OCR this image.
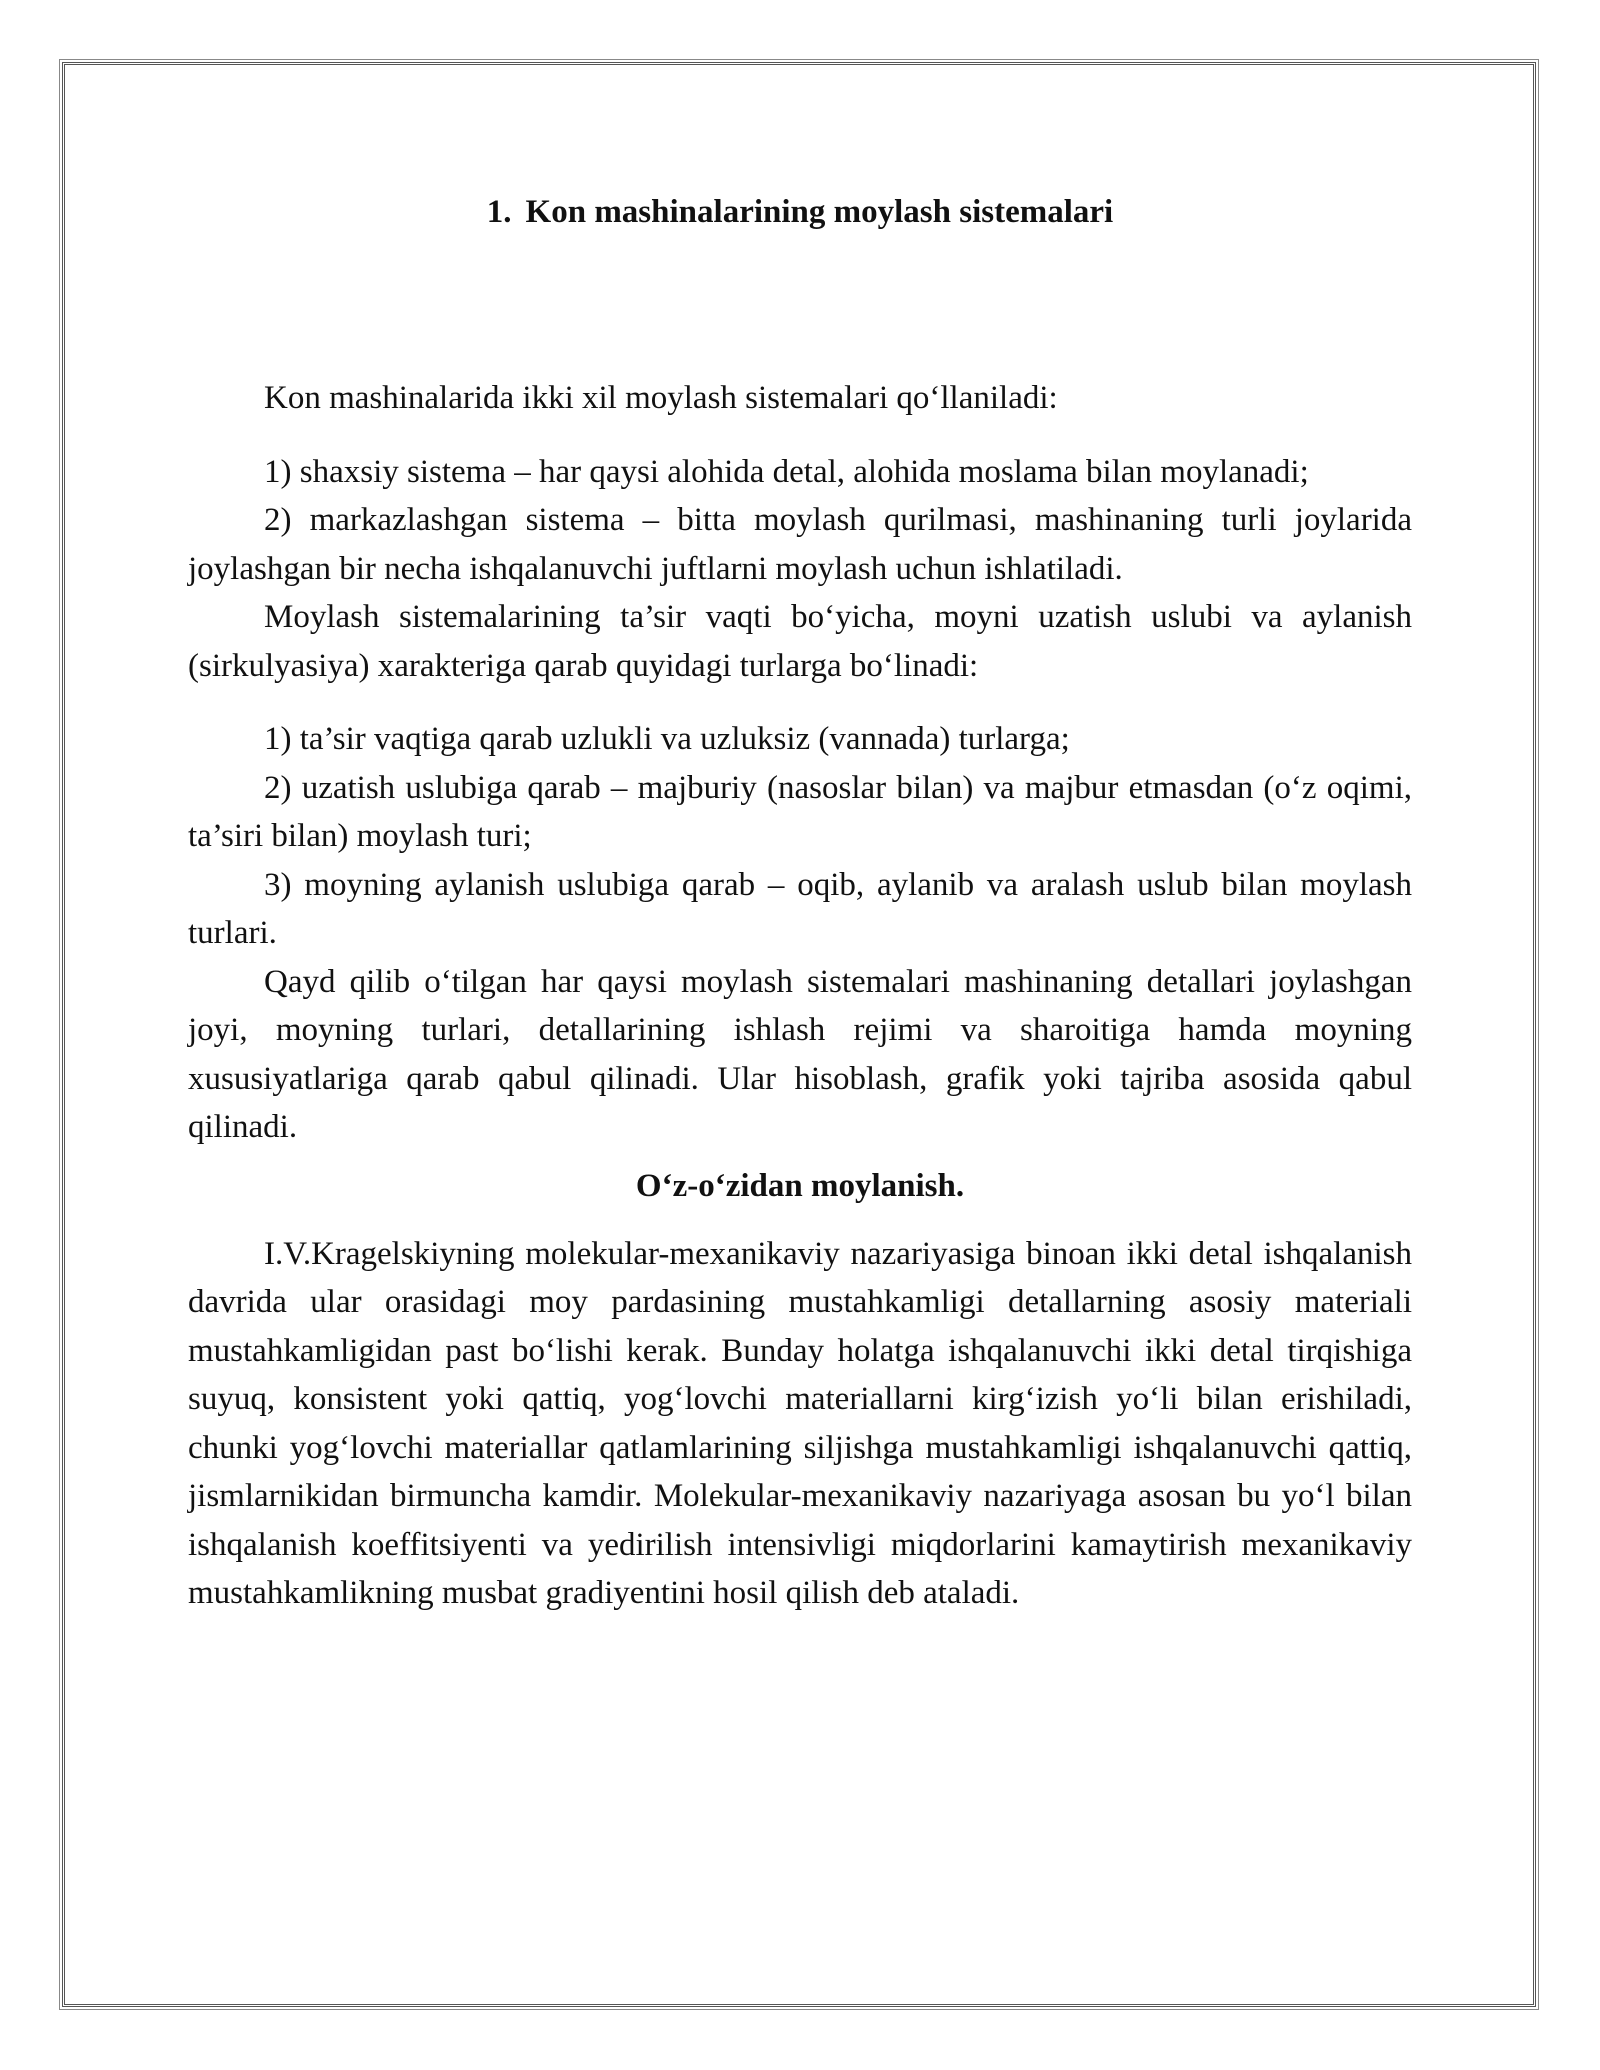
1. Kon mashinalarining moylash sistemalari

Kon mashinalarida ikki xil moylash sistemalari qo‘llaniladi:

1) shaxsiy sistema – har qaysi alohida detal, alohida moslama bilan moylanadi;

2) markazlashgan sistema – bitta moylash qurilmasi, mashinaning turli joylarida joylashgan bir necha ishqalanuvchi juftlarni moylash uchun ishlatiladi.

Moylash sistemalarining ta’sir vaqti bo‘yicha, moyni uzatish uslubi va aylanish (sirkulyasiya) xarakteriga qarab quyidagi turlarga bo‘linadi:

1) ta’sir vaqtiga qarab uzlukli va uzluksiz (vannada) turlarga;

2) uzatish uslubiga qarab – majburiy (nasoslar bilan) va majbur etmasdan (o‘z oqimi, ta’siri bilan) moylash turi;

3) moyning aylanish uslubiga qarab – oqib, aylanib va aralash uslub bilan moylash turlari.

Qayd qilib o‘tilgan har qaysi moylash sistemalari mashinaning detallari joylashgan joyi, moyning turlari, detallarining ishlash rejimi va sharoitiga hamda moyning xususiyatlariga qarab qabul qilinadi. Ular hisoblash, grafik yoki tajriba asosida qabul qilinadi.

O‘z-o‘zidan moylanish.

I.V.Kragelskiyning molekular-mexanikaviy nazariyasiga binoan ikki detal ishqalanish davrida ular orasidagi moy pardasining mustahkamligi detallarning asosiy materiali mustahkamligidan past bo‘lishi kerak. Bunday holatga ishqalanuvchi ikki detal tirqishiga suyuq, konsistent yoki qattiq, yog‘lovchi materiallarni kirg‘izish yo‘li bilan erishiladi, chunki yog‘lovchi materiallar qatlamlarining siljishga mustahkamligi ishqalanuvchi qattiq, jismlarnikidan birmuncha kamdir. Molekular-mexanikaviy nazariyaga asosan bu yo‘l bilan ishqalanish koeffitsiyenti va yedirilish intensivligi miqdorlarini kamaytirish mexanikaviy mustahkamlikning musbat gradiyentini hosil qilish deb ataladi.
